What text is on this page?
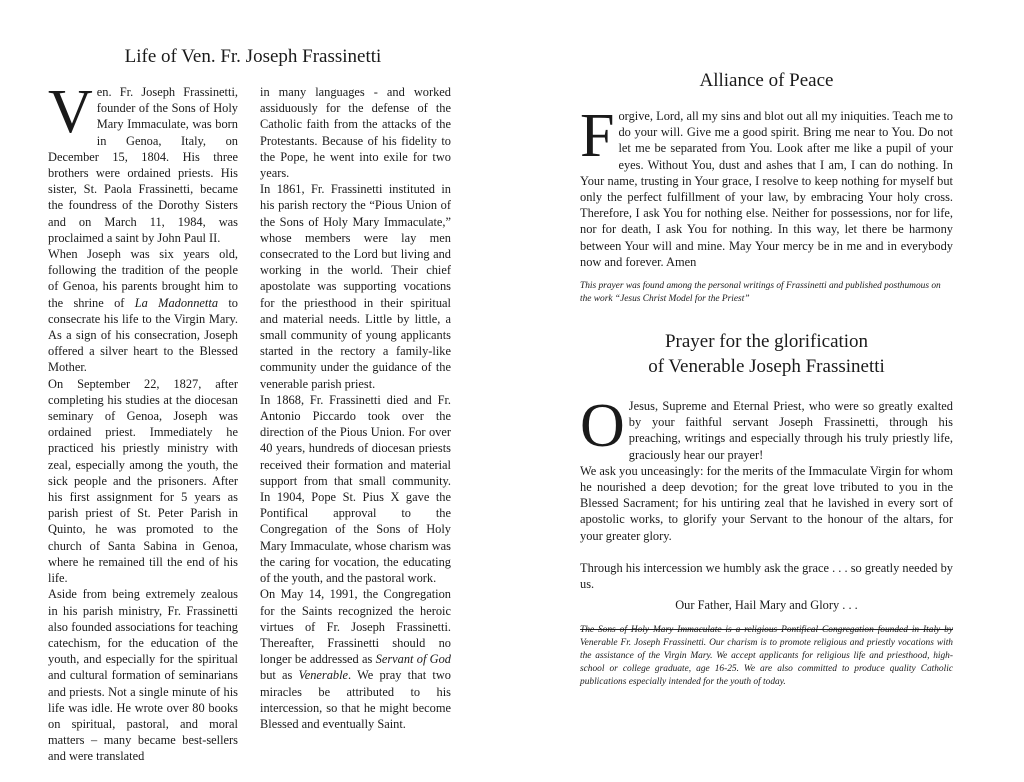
Life of Ven. Fr. Joseph Frassinetti

Ven. Fr. Joseph Frassinetti, founder of the Sons of Holy Mary Immaculate, was born in Genoa, Italy, on December 15, 1804. His three brothers were ordained priests. His sister, St. Paola Frassinetti, became the foundress of the Dorothy Sisters and on March 11, 1984, was proclaimed a saint by John Paul II.

When Joseph was six years old, following the tradition of the people of Genoa, his parents brought him to the shrine of La Madonnetta to consecrate his life to the Virgin Mary. As a sign of his consecration, Joseph offered a silver heart to the Blessed Mother.

On September 22, 1827, after completing his studies at the diocesan seminary of Genoa, Joseph was ordained priest. Immediately he practiced his priestly ministry with zeal, especially among the youth, the sick people and the prisoners. After his first assignment for 5 years as parish priest of St. Peter Parish in Quinto, he was promoted to the church of Santa Sabina in Genoa, where he remained till the end of his life.

Aside from being extremely zealous in his parish ministry, Fr. Frassinetti also founded associations for teaching catechism, for the education of the youth, and especially for the spiritual and cultural formation of seminarians and priests. Not a single minute of his life was idle. He wrote over 80 books on spiritual, pastoral, and moral matters – many became best-sellers and were translated

in many languages - and worked assiduously for the defense of the Catholic faith from the attacks of the Protestants. Because of his fidelity to the Pope, he went into exile for two years.

In 1861, Fr. Frassinetti instituted in his parish rectory the “Pious Union of the Sons of Holy Mary Immaculate,” whose members were lay men consecrated to the Lord but living and working in the world. Their chief apostolate was supporting vocations for the priesthood in their spiritual and material needs. Little by little, a small community of young applicants started in the rectory a family-like community under the guidance of the venerable parish priest.

In 1868, Fr. Frassinetti died and Fr. Antonio Piccardo took over the direction of the Pious Union. For over 40 years, hundreds of diocesan priests received their formation and material support from that small community. In 1904, Pope St. Pius X gave the Pontifical approval to the Congregation of the Sons of Holy Mary Immaculate, whose charism was the caring for vocation, the educating of the youth, and the pastoral work.

On May 14, 1991, the Congregation for the Saints recognized the heroic virtues of Fr. Joseph Frassinetti. Thereafter, Frassinetti should no longer be addressed as Servant of God but as Venerable. We pray that two miracles be attributed to his intercession, so that he might become Blessed and eventually Saint.

Alliance of Peace

Forgive, Lord, all my sins and blot out all my iniquities. Teach me to do your will. Give me a good spirit. Bring me near to You. Do not let me be separated from You. Look after me like a pupil of your eyes. Without You, dust and ashes that I am, I can do nothing. In Your name, trusting in Your grace, I resolve to keep nothing for myself but only the perfect fulfillment of your law, by embracing Your holy cross. Therefore, I ask You for nothing else. Neither for possessions, nor for life, nor for death, I ask You for nothing. In this way, let there be harmony between Your will and mine. May Your mercy be in me and in everybody now and forever. Amen

This prayer was found among the personal writings of Frassinetti and published posthumous on the work “Jesus Christ Model for the Priest”
Prayer for the glorification
of Venerable Joseph Frassinetti

O Jesus, Supreme and Eternal Priest, who were so greatly exalted by your faithful servant Joseph Frassinetti, through his preaching, writings and especially through his truly priestly life, graciously hear our prayer!

We ask you unceasingly: for the merits of the Immaculate Virgin for whom he nourished a deep devotion; for the great love tributed to you in the Blessed Sacrament; for his untiring zeal that he lavished in every sort of apostolic works, to glorify your Servant to the honour of the altars, for your greater glory.

Through his intercession we humbly ask the grace . . . so greatly needed by us.

Our Father, Hail Mary and Glory . . .
The Sons of Holy Mary Immaculate is a religious Pontifical Congregation founded in Italy by Venerable Fr. Joseph Frassinetti. Our charism is to promote religious and priestly vocations with the assistance of the Virgin Mary. We accept applicants for religious life and priesthood, high-school or college graduate, age 16-25. We are also committed to produce quality Catholic publications especially intended for the youth of today.
